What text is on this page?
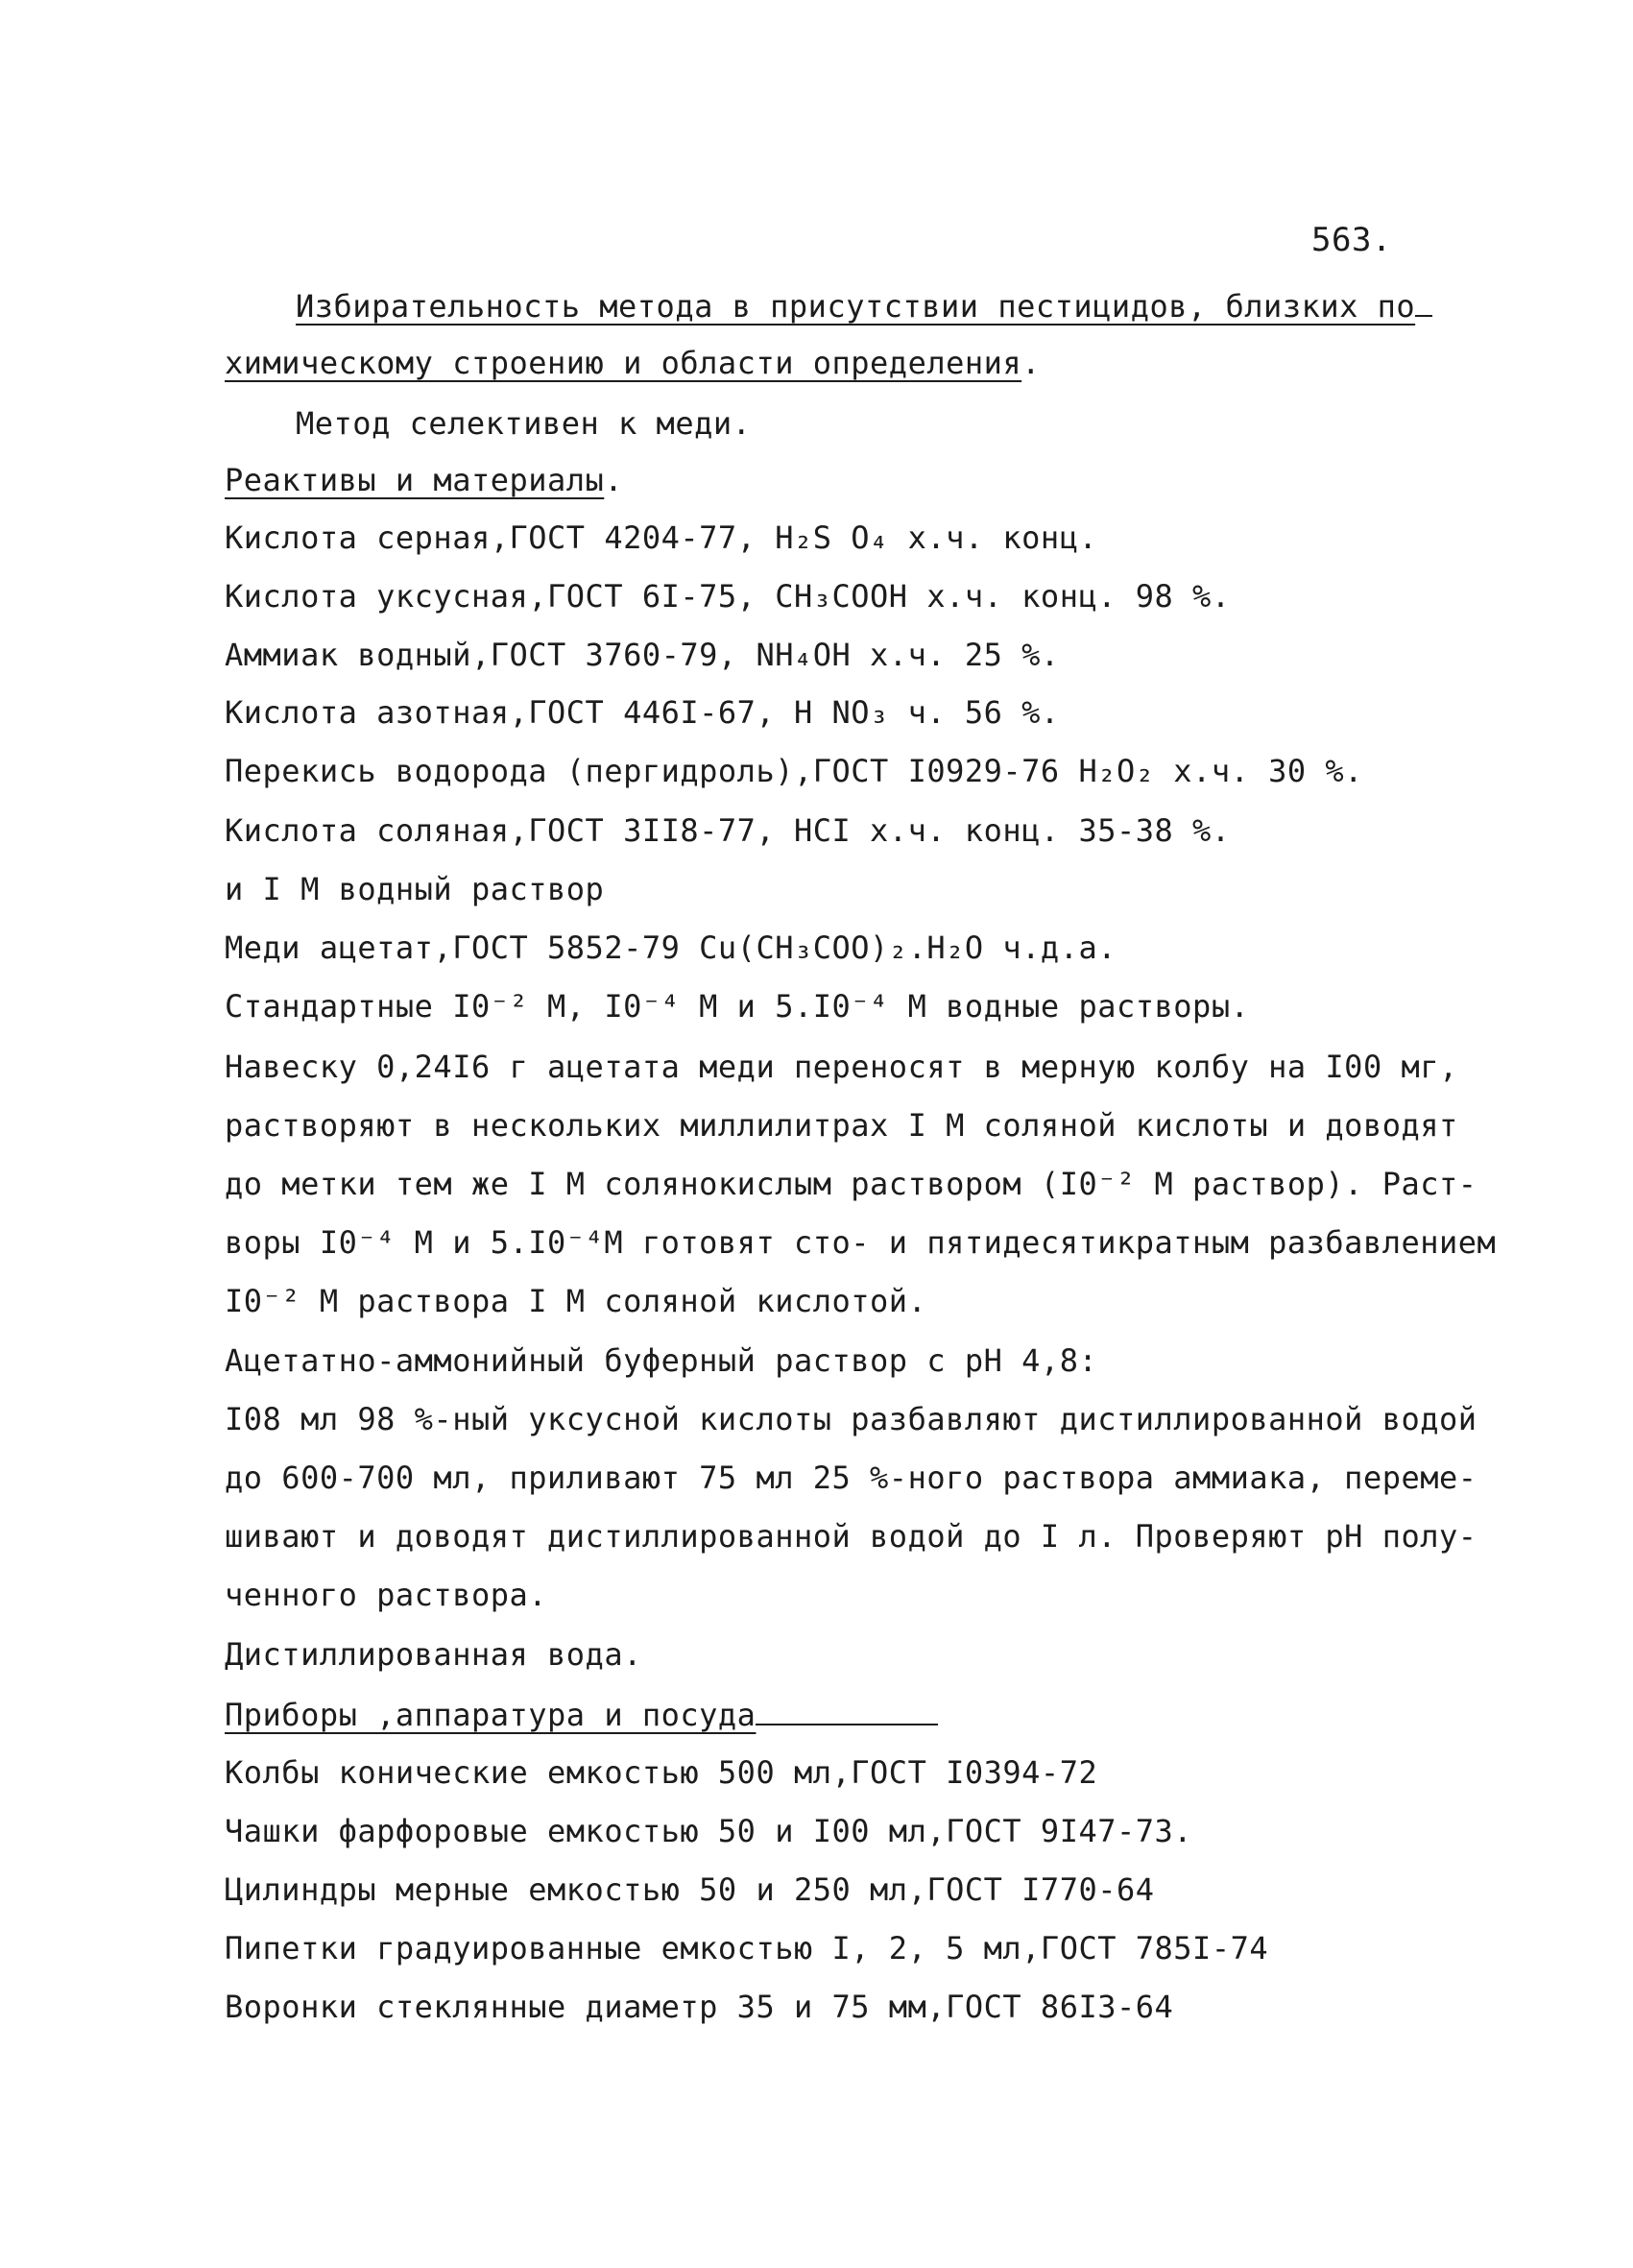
563.
Избирательность метода в присутствии пестицидов, близких по
химическому строению и области определения.
Метод селективен к меди.
Реактивы и материалы.
Кислота серная,ГОСТ 4204-77, H₂S O₄ х.ч. конц.
Кислота уксусная,ГОСТ 6I-75, CH₃COOH х.ч. конц. 98 %.
Аммиак водный,ГОСТ 3760-79, NH₄OH х.ч. 25 %.
Кислота азотная,ГОСТ 446I-67, H NO₃ ч. 56 %.
Перекись водорода (пергидроль),ГОСТ I0929-76 H₂O₂ х.ч. 30 %.
Кислота соляная,ГОСТ 3II8-77, HCI х.ч. конц. 35-38 %.
и I М водный раствор
Меди ацетат,ГОСТ 5852-79 Cu(CH₃COO)₂.H₂O ч.д.а.
Стандартные I0⁻² М, I0⁻⁴ М и 5.I0⁻⁴ М водные растворы.
Навеску 0,24I6 г ацетата меди переносят в мерную колбу на I00 мг,
растворяют в нескольких миллилитрах I М соляной кислоты и доводят
до метки тем же I М солянокислым раствором (I0⁻² М раствор). Раст-
воры I0⁻⁴ М и 5.I0⁻⁴М готовят сто- и пятидесятикратным разбавлением
I0⁻² М раствора I М соляной кислотой.
Ацетатно-аммонийный буферный раствор с pH 4,8:
I08 мл 98 %-ный уксусной кислоты разбавляют дистиллированной водой
до 600-700 мл, приливают 75 мл 25 %-ного раствора аммиака, переме-
шивают и доводят дистиллированной водой до I л. Проверяют pH полу-
ченного раствора.
Дистиллированная вода.
Приборы ,аппаратура и посуда
Колбы конические емкостью 500 мл,ГОСТ I0394-72
Чашки фарфоровые емкостью 50 и I00 мл,ГОСТ 9I47-73.
Цилиндры мерные емкостью 50 и 250 мл,ГОСТ I770-64
Пипетки градуированные емкостью I, 2, 5 мл,ГОСТ 785I-74
Воронки стеклянные диаметр 35 и 75 мм,ГОСТ 86I3-64
